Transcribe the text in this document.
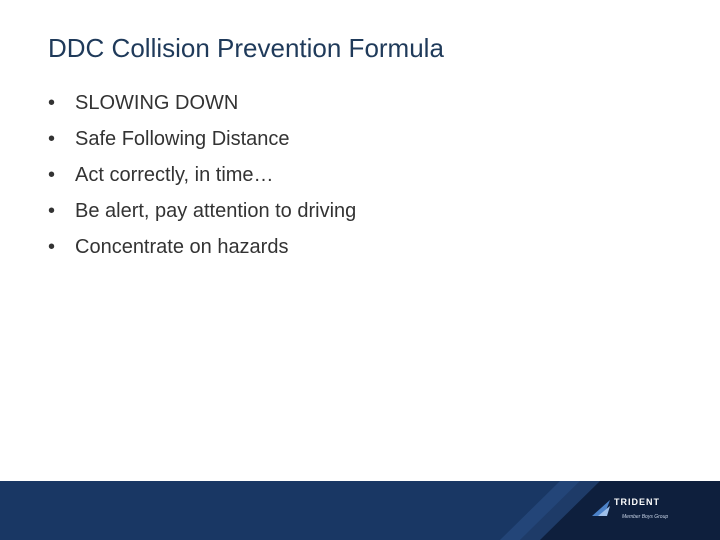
DDC Collision Prevention Formula
• SLOWING DOWN
• Safe Following Distance
• Act correctly, in time…
• Be alert, pay attention to driving
• Concentrate on hazards
TRIDENT
Member Boys Group
